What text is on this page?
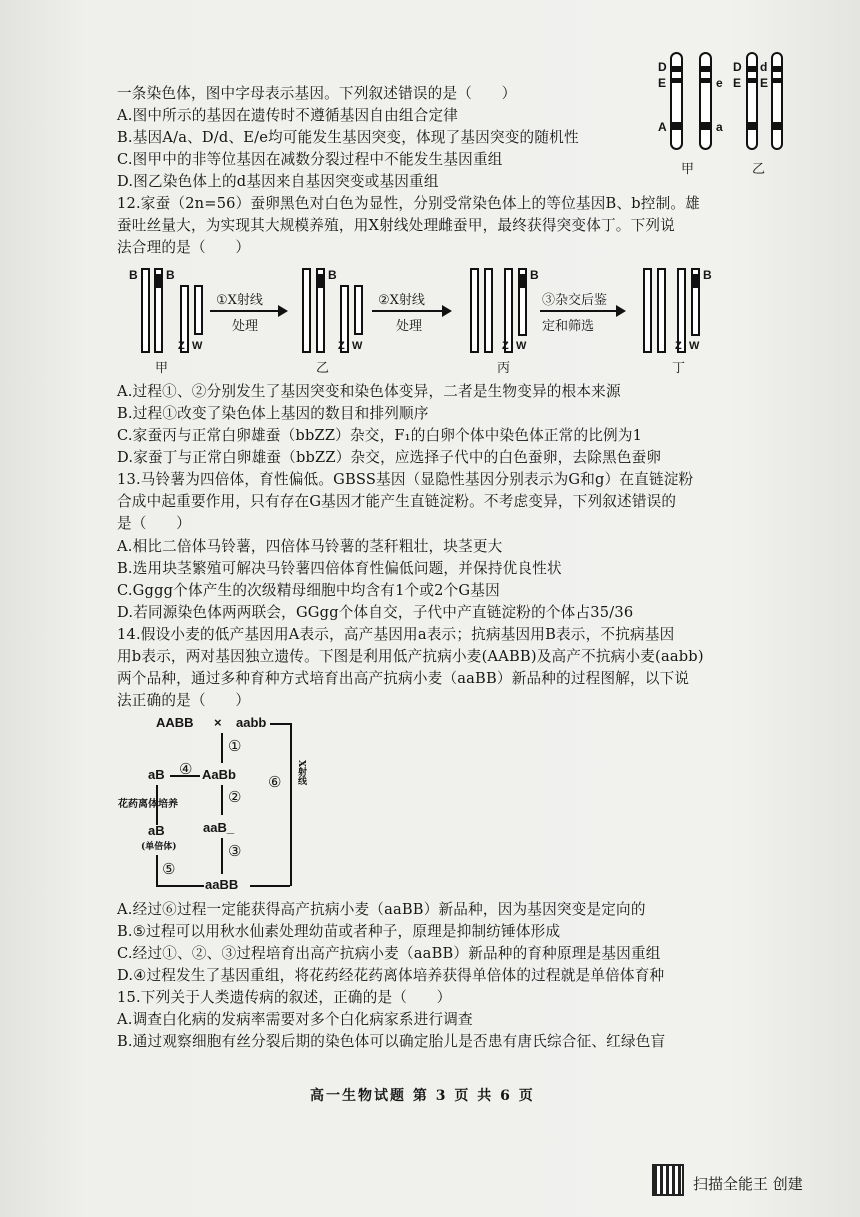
一条染色体，图中字母表示基因。下列叙述错误的是（　　）
A.图中所示的基因在遗传时不遵循基因自由组合定律
B.基因A/a、D/d、E/e均可能发生基因突变，体现了基因突变的随机性
C.图甲中的非等位基因在减数分裂过程中不能发生基因重组
D.图乙染色体上的d基因来自基因突变或基因重组
12.家蚕（2n=56）蚕卵黑色对白色为显性，分别受常染色体上的等位基因B、b控制。雄
蚕吐丝量大，为实现其大规模养殖，用X射线处理雌蚕甲，最终获得突变体丁。下列说
法合理的是（　　）
D
E
A
e
a
D
E
d
E
甲	乙
B B
Z W
甲
①X射线
处理
B
Z W
乙
②X射线
处理
B
Z W
丙
③杂交后鉴
定和筛选
B
Z W
丁
A.过程①、②分别发生了基因突变和染色体变异，二者是生物变异的根本来源
B.过程①改变了染色体上基因的数目和排列顺序
C.家蚕丙与正常白卵雄蚕（bbZZ）杂交，F₁的白卵个体中染色体正常的比例为1
D.家蚕丁与正常白卵雄蚕（bbZZ）杂交，应选择子代中的白色蚕卵，去除黑色蚕卵
13.马铃薯为四倍体，育性偏低。GBSS基因（显隐性基因分别表示为G和g）在直链淀粉
合成中起重要作用，只有存在G基因才能产生直链淀粉。不考虑变异，下列叙述错误的
是（　　）
A.相比二倍体马铃薯，四倍体马铃薯的茎秆粗壮，块茎更大
B.选用块茎繁殖可解决马铃薯四倍体育性偏低问题，并保持优良性状
C.Gggg个体产生的次级精母细胞中均含有1个或2个G基因
D.若同源染色体两两联会，GGgg个体自交，子代中产直链淀粉的个体占35/36
14.假设小麦的低产基因用A表示，高产基因用a表示；抗病基因用B表示，不抗病基因
用b表示，两对基因独立遗传。下图是利用低产抗病小麦(AABB)及高产不抗病小麦(aabb)
两个品种，通过多种育种方式培育出高产抗病小麦（aaBB）新品种的过程图解，以下说
法正确的是（　　）
AABB × aabb
①
AaBb
④
aB
花药离体培养
aB
(单倍体)
②
aaB_
③
aaBB
⑤
⑥ X射线
A.经过⑥过程一定能获得高产抗病小麦（aaBB）新品种，因为基因突变是定向的
B.⑤过程可以用秋水仙素处理幼苗或者种子，原理是抑制纺锤体形成
C.经过①、②、③过程培育出高产抗病小麦（aaBB）新品种的育种原理是基因重组
D.④过程发生了基因重组，将花药经花药离体培养获得单倍体的过程就是单倍体育种
15.下列关于人类遗传病的叙述，正确的是（　　）
A.调查白化病的发病率需要对多个白化病家系进行调查
B.通过观察细胞有丝分裂后期的染色体可以确定胎儿是否患有唐氏综合征、红绿色盲
高一生物试题 第 3 页 共 6 页
扫描全能王 创建
